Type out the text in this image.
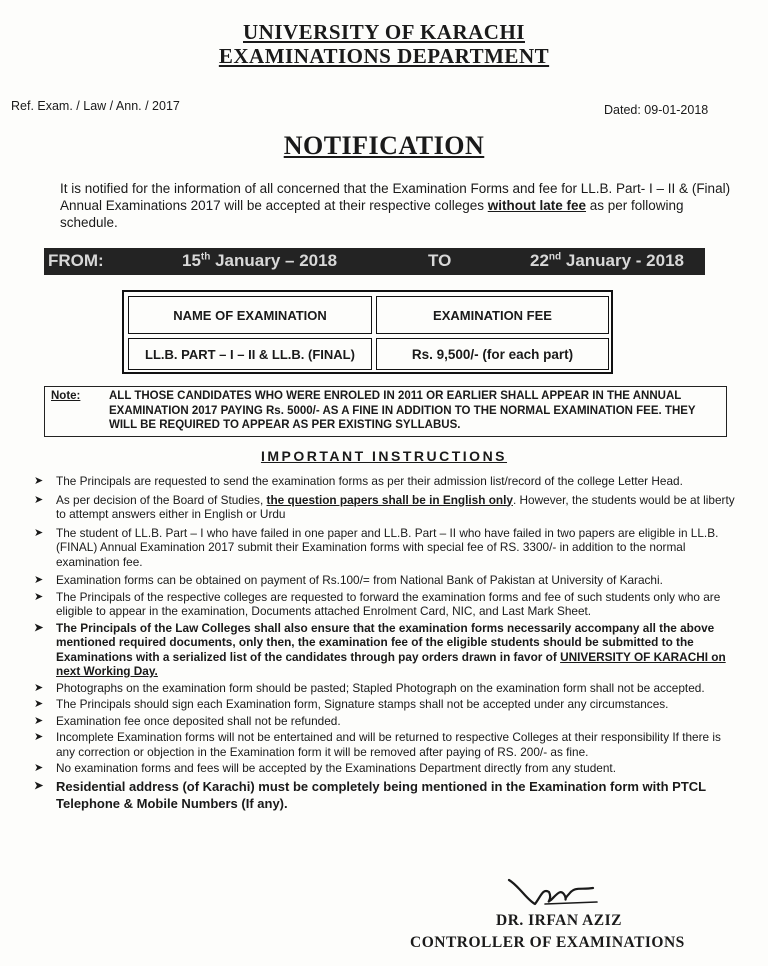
UNIVERSITY OF KARACHI
EXAMINATIONS DEPARTMENT
Ref. Exam. / Law / Ann. / 2017	Dated: 09-01-2018
NOTIFICATION
It is notified for the information of all concerned that the Examination Forms and fee for LL.B. Part- I – II & (Final) Annual Examinations 2017 will be accepted at their respective colleges without late fee as per following schedule.
FROM:	15th January – 2018	TO	22nd January - 2018
NAME OF EXAMINATION	EXAMINATION FEE
LL.B. PART – I – II & LL.B. (FINAL)	Rs. 9,500/- (for each part)
Note: ALL THOSE CANDIDATES WHO WERE ENROLED IN 2011 OR EARLIER SHALL APPEAR IN THE ANNUAL EXAMINATION 2017 PAYING Rs. 5000/- AS A FINE IN ADDITION TO THE NORMAL EXAMINATION FEE. THEY WILL BE REQUIRED TO APPEAR AS PER EXISTING SYLLABUS.
IMPORTANT INSTRUCTIONS
➤ The Principals are requested to send the examination forms as per their admission list/record of the college Letter Head.
➤ As per decision of the Board of Studies, the question papers shall be in English only. However, the students would be at liberty to attempt answers either in English or Urdu
➤ The student of LL.B. Part – I who have failed in one paper and LL.B. Part – II who have failed in two papers are eligible in LL.B. (FINAL) Annual Examination 2017 submit their Examination forms with special fee of RS. 3300/- in addition to the normal examination fee.
➤ Examination forms can be obtained on payment of Rs.100/= from National Bank of Pakistan at University of Karachi.
➤ The Principals of the respective colleges are requested to forward the examination forms and fee of such students only who are eligible to appear in the examination, Documents attached Enrolment Card, NIC, and Last Mark Sheet.
➤ The Principals of the Law Colleges shall also ensure that the examination forms necessarily accompany all the above mentioned required documents, only then, the examination fee of the eligible students should be submitted to the Examinations with a serialized list of the candidates through pay orders drawn in favor of UNIVERSITY OF KARACHI on next Working Day.
➤ Photographs on the examination form should be pasted; Stapled Photograph on the examination form shall not be accepted.
➤ The Principals should sign each Examination form, Signature stamps shall not be accepted under any circumstances.
➤ Examination fee once deposited shall not be refunded.
➤ Incomplete Examination forms will not be entertained and will be returned to respective Colleges at their responsibility If there is any correction or objection in the Examination form it will be removed after paying of RS. 200/- as fine.
➤ No examination forms and fees will be accepted by the Examinations Department directly from any student.
➤ Residential address (of Karachi) must be completely being mentioned in the Examination form with PTCL Telephone & Mobile Numbers (If any).
DR. IRFAN AZIZ
CONTROLLER OF EXAMINATIONS
